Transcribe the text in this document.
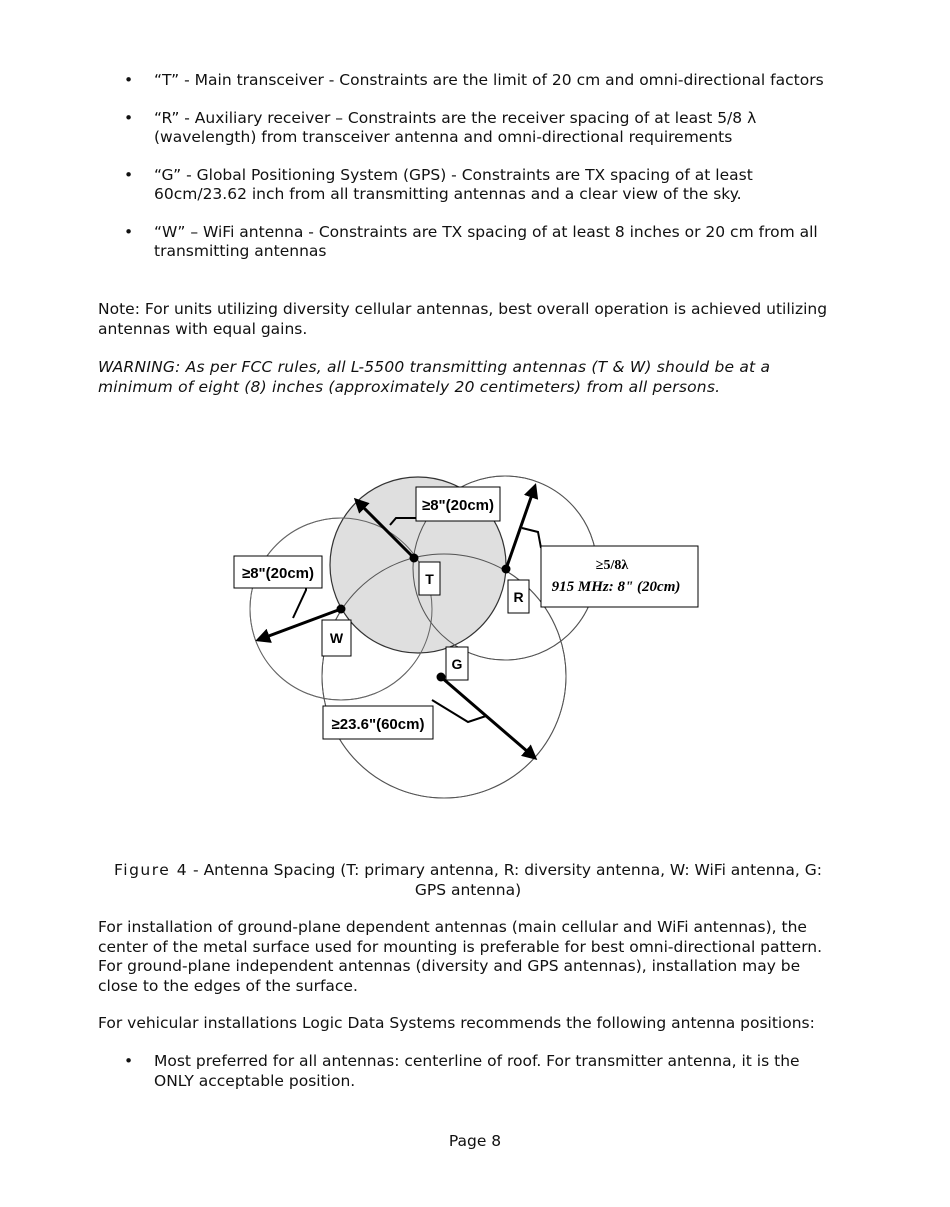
• “T” - Main transceiver - Constraints are the limit of 20 cm and omni-directional factors
• “R” - Auxiliary receiver – Constraints are the receiver spacing of at least 5/8 λ (wavelength) from transceiver antenna and omni-directional requirements
• “G” - Global Positioning System (GPS) - Constraints are TX spacing of at least 60cm/23.62 inch from all transmitting antennas and a clear view of the sky.
• “W” – WiFi antenna - Constraints are TX spacing of at least 8 inches or 20 cm from all transmitting antennas

Note: For units utilizing diversity cellular antennas, best overall operation is achieved utilizing antennas with equal gains.

WARNING: As per FCC rules, all L-5500 transmitting antennas (T & W) should be at a minimum of eight (8) inches (approximately 20 centimeters) from all persons.

≥8"(20cm)
≥8"(20cm)	≥5/8λ
915 MHz: 8" (20cm)
≥23.6"(60cm)
T
R
W
G

Figure 4 - Antenna Spacing (T: primary antenna, R: diversity antenna, W: WiFi antenna, G: GPS antenna)

For installation of ground-plane dependent antennas (main cellular and WiFi antennas), the center of the metal surface used for mounting is preferable for best omni-directional pattern. For ground-plane independent antennas (diversity and GPS antennas), installation may be close to the edges of the surface.

For vehicular installations Logic Data Systems recommends the following antenna positions:

• Most preferred for all antennas: centerline of roof. For transmitter antenna, it is the ONLY acceptable position.
Page 8
